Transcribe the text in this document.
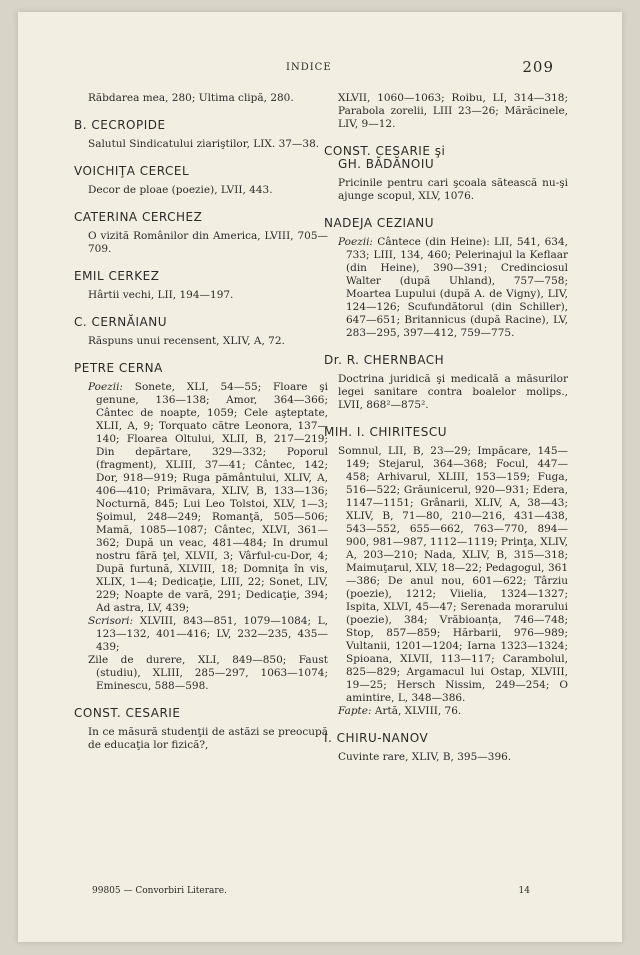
INDICE	209
Răbdarea mea, 280; Ultima clipă, 280.
B. CECROPIDE
Salutul Sindicatului ziariştilor, LIX. 37—38.
VOICHIŢA CERCEL
Decor de ploae (poezie), LVII, 443.
CATERINA CERCHEZ
O vizită Românilor din America, LVIII, 705—709.
EMIL CERKEZ
Hârtii vechi, LII, 194—197.
C. CERNĂIANU
Răspuns unui recensent, XLIV, A, 72.
PETRE CERNA
Poezii: Sonete, XLI, 54—55; Floare şi genune, 136—138; Amor, 364—366; Cântec de noapte, 1059; Cele aşteptate, XLII, A, 9; Torquato către Leonora, 137—140; Floarea Oltului, XLII, B, 217—219; Din depărtare, 329—332; Poporul (fragment), XLIII, 37—41; Cântec, 142; Dor, 918—919; Ruga pământului, XLIV, A, 406—410; Primăvara, XLIV, B, 133—136; Nocturnă, 845; Lui Leo Tolstoi, XLV, 1—3; Şoimul, 248—249; Romanţă, 505—506; Mamă, 1085—1087; Cântec, XLVI, 361—362; După un veac, 481—484; In drumul nostru fără ţel, XLVII, 3; Vârful-cu-Dor, 4; După furtună, XLVIII, 18; Domniţa în vis, XLIX, 1—4; Dedicaţie, LIII, 22; Sonet, LIV, 229; Noapte de vară, 291; Dedicaţie, 394; Ad astra, LV, 439;
Scrisori: XLVIII, 843—851, 1079—1084; L, 123—132, 401—416; LV, 232—235, 435—439;
Zile de durere, XLI, 849—850; Faust (studiu), XLIII, 285—297, 1063—1074; Eminescu, 588—598.
CONST. CESARIE
In ce măsură studenţii de astăzi se preocupă de educaţia lor fizică?,
XLVII, 1060—1063; Roibu, LI, 314—318; Parabola zorelii, LIII 23—26; Mărăcinele, LIV, 9—12.
CONST. CESARIE şi
GH. BĂDĂNOIU
Pricinile pentru cari şcoala sătească nu-şi ajunge scopul, XLV, 1076.
NADEJA CEZIANU
Poezii: Cântece (din Heine): LII, 541, 634, 733; LIII, 134, 460; Pelerinajul la Keflaar (din Heine), 390—391; Credinciosul Walter (după Uhland), 757—758; Moartea Lupului (după A. de Vigny), LIV, 124—126; Scufundătorul (din Schiller), 647—651; Britannicus (după Racine), LV, 283—295, 397—412, 759—775.
Dr. R. CHERNBACH
Doctrina juridică şi medicală a măsurilor legei sanitare contra boalelor molips., LVII, 868²—875².
MIH. I. CHIRITESCU
Somnul, LII, B, 23—29; Impăcare, 145—149; Stejarul, 364—368; Focul, 447—458; Arhivarul, XLIII, 153—159; Fuga, 516—522; Grăunicerul, 920—931; Edera, 1147—1151; Grânarii, XLIV, A, 38—43; XLIV, B, 71—80, 210—216, 431—438, 543—552, 655—662, 763—770, 894—900, 981—987, 1112—1119; Prinţa, XLIV, A, 203—210; Nada, XLIV, B, 315—318; Maimuţarul, XLV, 18—22; Pedagogul, 361—386; De anul nou, 601—622; Târziu (poezie), 1212; Viielia, 1324—1327; Ispita, XLVI, 45—47; Serenada morarului (poezie), 384; Vrăbioanța, 746—748; Stop, 857—859; Hărbarii, 976—989; Vultanii, 1201—1204; Iarna 1323—1324; Spioana, XLVII, 113—117; Carambolul, 825—829; Argamacul lui Ostap, XLVIII, 19—25; Hersch Nissim, 249—254; O amintire, L, 348—386.
Fapte: Artă, XLVIII, 76.
I. CHIRU-NANOV
Cuvinte rare, XLIV, B, 395—396.
99805 — Convorbiri Literare.	14
